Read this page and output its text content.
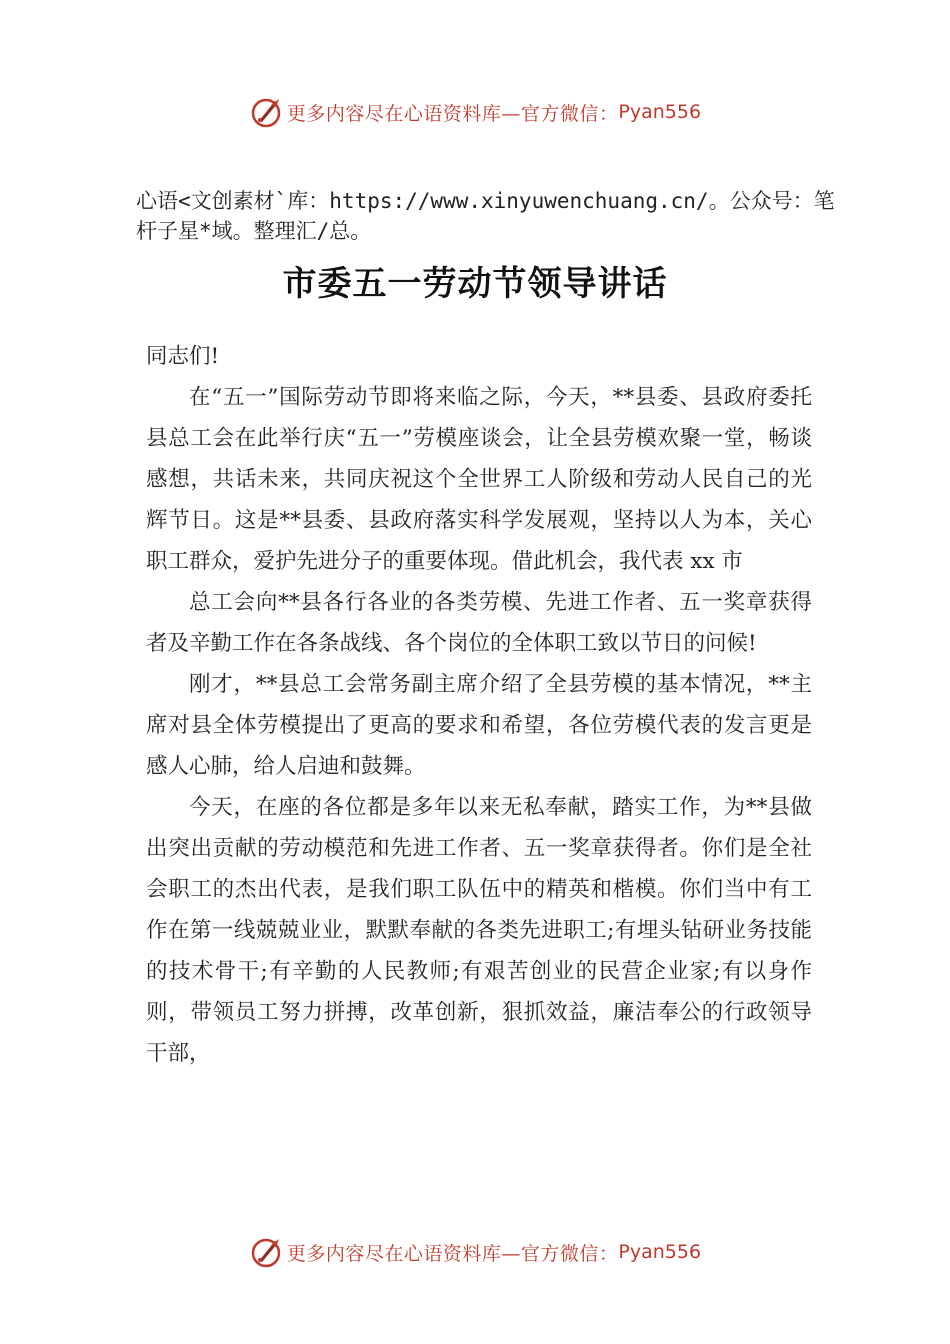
更多内容尽在心语资料库—官方微信： Pyan556
心语<文创素材`库：https://www.xinyuwenchuang.cn/。公众号：笔杆子星*域。整理汇/总。
市委五一劳动节领导讲话

同志们!

在“五一”国际劳动节即将来临之际，今天，**县委、县政府委托县总工会在此举行庆“五一”劳模座谈会，让全县劳模欢聚一堂，畅谈感想，共话未来，共同庆祝这个全世界工人阶级和劳动人民自己的光辉节日。这是**县委、县政府落实科学发展观，坚持以人为本，关心职工群众，爱护先进分子的重要体现。借此机会，我代表 xx 市

总工会向**县各行各业的各类劳模、先进工作者、五一奖章获得者及辛勤工作在各条战线、各个岗位的全体职工致以节日的问候!

刚才，**县总工会常务副主席介绍了全县劳模的基本情况，**主席对县全体劳模提出了更高的要求和希望，各位劳模代表的发言更是感人心肺，给人启迪和鼓舞。

今天，在座的各位都是多年以来无私奉献，踏实工作，为**县做出突出贡献的劳动模范和先进工作者、五一奖章获得者。你们是全社会职工的杰出代表，是我们职工队伍中的精英和楷模。你们当中有工作在第一线兢兢业业，默默奉献的各类先进职工;有埋头钻研业务技能的技术骨干;有辛勤的人民教师;有艰苦创业的民营企业家;有以身作则，带领员工努力拼搏，改革创新，狠抓效益，廉洁奉公的行政领导干部，

更多内容尽在心语资料库—官方微信： Pyan556
